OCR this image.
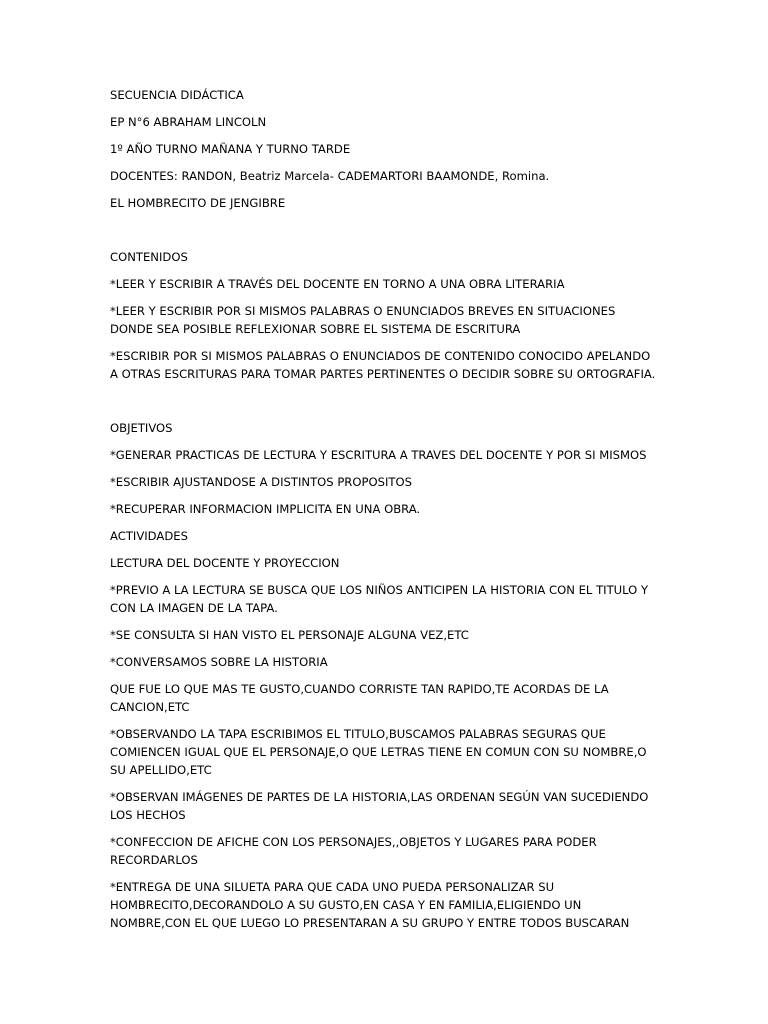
SECUENCIA DIDÁCTICA

EP N°6 ABRAHAM LINCOLN

1º AÑO TURNO MAÑANA Y TURNO TARDE

DOCENTES: RANDON, Beatriz Marcela- CADEMARTORI BAAMONDE, Romina.

EL HOMBRECITO DE JENGIBRE

CONTENIDOS

*LEER Y ESCRIBIR A TRAVÉS DEL DOCENTE EN TORNO A UNA OBRA LITERARIA

*LEER Y ESCRIBIR POR SI MISMOS PALABRAS O ENUNCIADOS BREVES EN SITUACIONES DONDE SEA POSIBLE REFLEXIONAR SOBRE EL SISTEMA DE ESCRITURA

*ESCRIBIR POR SI MISMOS PALABRAS O ENUNCIADOS DE CONTENIDO CONOCIDO APELANDO A OTRAS ESCRITURAS PARA TOMAR PARTES PERTINENTES O DECIDIR SOBRE SU ORTOGRAFIA.

OBJETIVOS

*GENERAR PRACTICAS DE LECTURA Y ESCRITURA A TRAVES DEL DOCENTE Y POR SI MISMOS

*ESCRIBIR AJUSTANDOSE A DISTINTOS PROPOSITOS

*RECUPERAR INFORMACION IMPLICITA EN UNA OBRA.

ACTIVIDADES

LECTURA DEL DOCENTE Y PROYECCION

*PREVIO A LA LECTURA SE BUSCA QUE LOS NIÑOS ANTICIPEN LA HISTORIA CON EL TITULO Y CON LA IMAGEN DE LA TAPA.

*SE CONSULTA SI HAN VISTO EL PERSONAJE ALGUNA VEZ,ETC

*CONVERSAMOS SOBRE LA HISTORIA

QUE FUE LO QUE MAS TE GUSTO,CUANDO CORRISTE TAN RAPIDO,TE ACORDAS DE LA CANCION,ETC

*OBSERVANDO LA TAPA ESCRIBIMOS EL TITULO,BUSCAMOS PALABRAS SEGURAS QUE COMIENCEN IGUAL QUE EL PERSONAJE,O QUE LETRAS TIENE EN COMUN CON SU NOMBRE,O SU APELLIDO,ETC

*OBSERVAN IMÁGENES DE PARTES DE LA HISTORIA,LAS ORDENAN SEGÚN VAN SUCEDIENDO LOS HECHOS

*CONFECCION DE AFICHE CON LOS PERSONAJES,,OBJETOS Y LUGARES PARA PODER RECORDARLOS

*ENTREGA DE UNA SILUETA PARA QUE CADA UNO PUEDA PERSONALIZAR SU HOMBRECITO,DECORANDOLO A SU GUSTO,EN CASA Y EN FAMILIA,ELIGIENDO UN NOMBRE,CON EL QUE LUEGO LO PRESENTARAN A SU GRUPO Y ENTRE TODOS BUSCARAN
